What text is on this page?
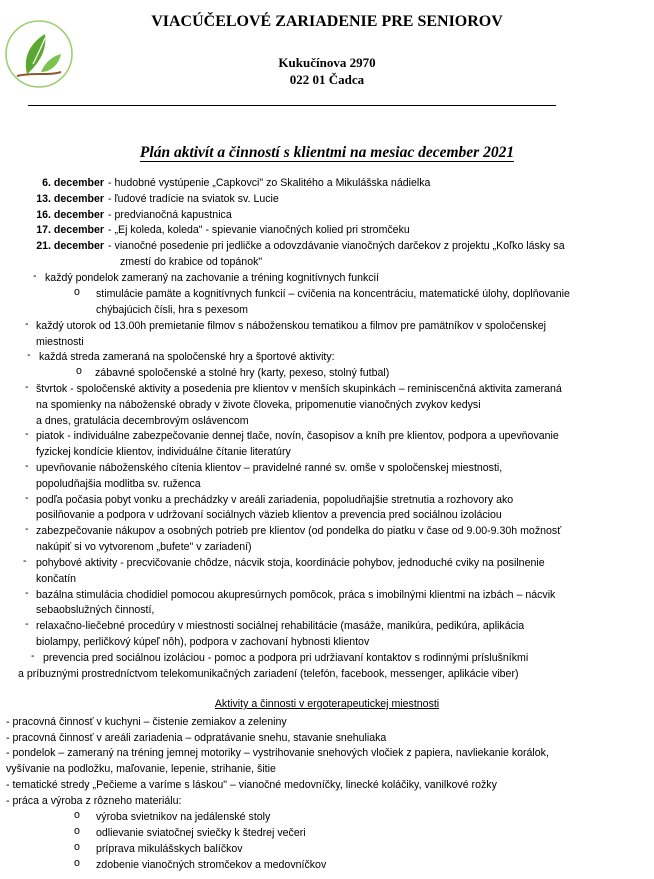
VIACÚČELOVÉ ZARIADENIE PRE SENIOROV
Kukučínova 2970
022 01 Čadca
Plán aktivít a činností s klientmi na mesiac december 2021
6. december - hudobné vystúpenie „Capkovci" zo Skalitého a Mikulášska nádielka
13. december - ľudové tradície na sviatok sv. Lucie
16. december - predvianočná kapustnica
17. december - „Ej koleda, koleda" - spievanie vianočných kolied pri stromčeku
21. december - vianočné posedenie pri jedličke a odovzdávanie vianočných darčekov z projektu „Koľko lásky sa
zmestí do krabice od topánok"
- každý pondelok zameraný na zachovanie a tréning kognitívnych funkcií
o stimulácie pamäte a kognitívnych funkcií – cvičenia na koncentráciu, matematické úlohy, doplňovanie
chýbajúcich čísli, hra s pexesom
- každý utorok od 13.00h premietanie filmov s náboženskou tematikou a filmov pre pamätníkov v spoločenskej
miestnosti
- každá streda zameraná na spoločenské hry a športové aktivity:
o zábavné spoločenské a stolné hry (karty, pexeso, stolný futbal)
- štvrtok - spoločenské aktivity a posedenia pre klientov v menších skupinkách – reminiscenčná aktivita zameraná
na spomienky na náboženské obrady v živote človeka, pripomenutie vianočných zvykov kedysi
a dnes, gratulácia decembrovým oslávencom
- piatok - individuálne zabezpečovanie dennej tlače, novín, časopisov a kníh pre klientov, podpora a upevňovanie
fyzickej kondície klientov, individuálne čítanie literatúry
- upevňovanie náboženského cítenia klientov – pravidelné ranné sv. omše v spoločenskej miestnosti,
popoludňajšia modlitba sv. ruženca
- podľa počasia pobyt vonku a prechádzky v areáli zariadenia, popoludňajšie stretnutia a rozhovory ako
posilňovanie a podpora v udržovaní sociálnych väzieb klientov a prevencia pred sociálnou izoláciou
- zabezpečovanie nákupov a osobných potrieb pre klientov (od pondelka do piatku v čase od 9.00-9.30h možnosť
nakúpiť si vo vytvorenom „bufete" v zariadení)
- pohybové aktivity - precvičovanie chôdze, nácvik stoja, koordinácie pohybov, jednoduché cviky na posilnenie
končatín
- bazálna stimulácia chodidiel pomocou akupresúrnych pomôcok, práca s imobilnými klientmi na izbách – nácvik
sebaobslužných činností,
- relaxačno-liečebné procedúry v miestnosti sociálnej rehabilitácie (masáže, manikúra, pedikúra, aplikácia
biolampy, perličkový kúpeľ nôh), podpora v zachovaní hybnosti klientov
- prevencia pred sociálnou izoláciou - pomoc a podpora pri udržiavaní kontaktov s rodinnými príslušníkmi
a príbuznými prostredníctvom telekomunikačných zariadení (telefón, facebook, messenger, aplikácie viber)
Aktivity a činnosti v ergoterapeutickej miestnosti
- pracovná činnosť v kuchyni – čistenie zemiakov a zeleniny
- pracovná činnosť v areáli zariadenia – odpratávanie snehu, stavanie snehuliaka
- pondelok – zameraný na tréning jemnej motoriky – vystrihovanie snehových vločiek z papiera, navliekanie korálok,
vyšívanie na podložku, maľovanie, lepenie, strihanie, šitie
- tematické stredy „Pečieme a varíme s láskou" – vianočné medovníčky, linecké koláčiky, vanilkové rožky
- práca a výroba z rôzneho materiálu:
o výroba svietnikov na jedálenské stoly
o odlievanie sviatočnej sviečky k štedrej večeri
o príprava mikulášskych balíčkov
o zdobenie vianočných stromčekov a medovníčkov
